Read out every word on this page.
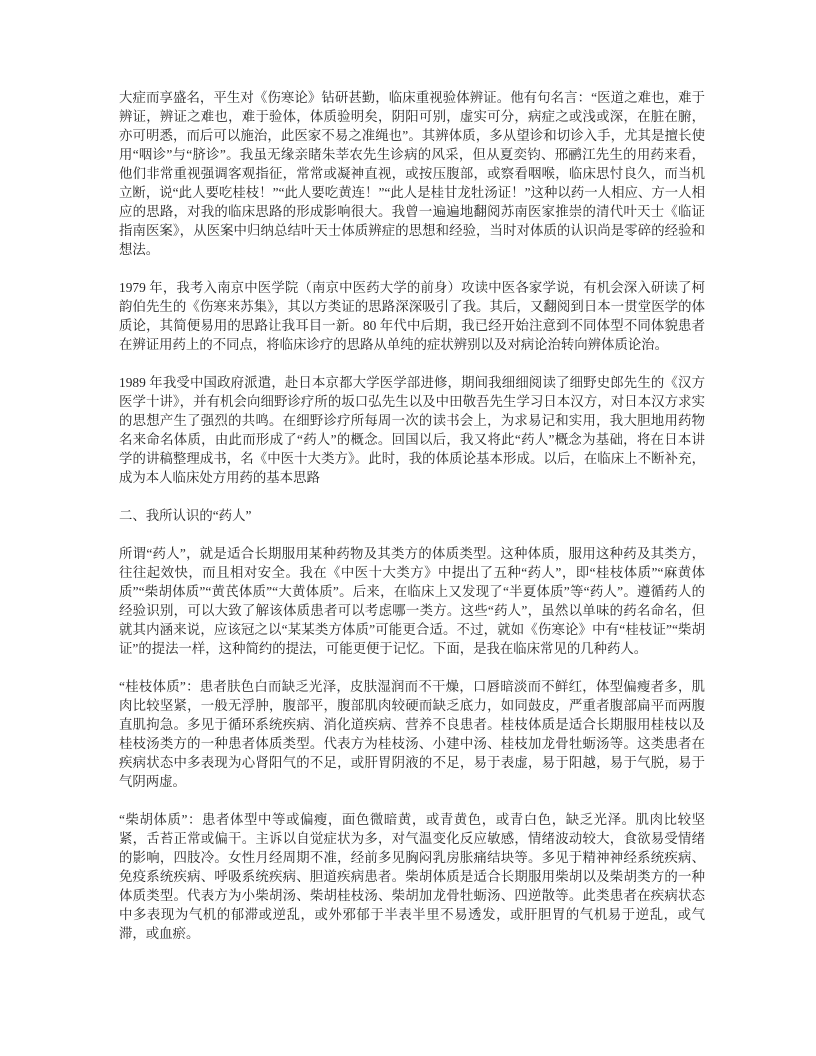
大症而享盛名，平生对《伤寒论》钻研甚勤，临床重视验体辨证。他有句名言：“医道之难也，难于辨证，辨证之难也，难于验体，体质验明矣，阴阳可别，虚实可分，病症之或浅或深，在脏在腑，亦可明悉，而后可以施治，此医家不易之准绳也”。其辨体质，多从望诊和切诊入手，尤其是擅长使用“咽诊”与“脐诊”。我虽无缘亲睹朱莘农先生诊病的风采，但从夏奕钧、邢鹂江先生的用药来看，他们非常重视强调客观指征，常常或凝神直视，或按压腹部，或察看咽喉，临床思忖良久，而当机立断，说“此人要吃桂枝！”“此人要吃黄连！”“此人是桂甘龙牡汤证！”这种以药一人相应、方一人相应的思路，对我的临床思路的形成影响很大。我曾一遍遍地翻阅苏南医家推崇的清代叶天士《临证指南医案》，从医案中归纳总结叶天士体质辨症的思想和经验，当时对体质的认识尚是零碎的经验和想法。

1979 年，我考入南京中医学院（南京中医药大学的前身）攻读中医各家学说，有机会深入研读了柯韵伯先生的《伤寒来苏集》，其以方类证的思路深深吸引了我。其后，又翻阅到日本一贯堂医学的体质论，其简便易用的思路让我耳目一新。80 年代中后期，我已经开始注意到不同体型不同体貌患者在辨证用药上的不同点，将临床诊疗的思路从单纯的症状辨别以及对病论治转向辨体质论治。

1989 年我受中国政府派遣，赴日本京都大学医学部进修，期间我细细阅读了细野史郎先生的《汉方医学十讲》，并有机会向细野诊疗所的坂口弘先生以及中田敬吾先生学习日本汉方，对日本汉方求实的思想产生了强烈的共鸣。在细野诊疗所每周一次的读书会上，为求易记和实用，我大胆地用药物名来命名体质，由此而形成了“药人”的概念。回国以后，我又将此“药人”概念为基础，将在日本讲学的讲稿整理成书，名《中医十大类方》。此时，我的体质论基本形成。以后，在临床上不断补充，成为本人临床处方用药的基本思路

二、我所认识的“药人”

所谓“药人”，就是适合长期服用某种药物及其类方的体质类型。这种体质，服用这种药及其类方，往往起效快，而且相对安全。我在《中医十大类方》中提出了五种“药人”，即“桂枝体质”“麻黄体质”“柴胡体质”“黄芪体质”“大黄体质”。后来，在临床上又发现了“半夏体质”等“药人”。遵循药人的经验识别，可以大致了解该体质患者可以考虑哪一类方。这些“药人”，虽然以单味的药名命名，但就其内涵来说，应该冠之以“某某类方体质”可能更合适。不过，就如《伤寒论》中有“桂枝证”“柴胡证”的提法一样，这种简约的提法，可能更便于记忆。下面，是我在临床常见的几种药人。

“桂枝体质”：患者肤色白而缺乏光泽，皮肤湿润而不干燥，口唇暗淡而不鲜红，体型偏瘦者多，肌肉比较坚紧，一般无浮肿，腹部平，腹部肌肉较硬而缺乏底力，如同鼓皮，严重者腹部扁平而两腹直肌拘急。多见于循环系统疾病、消化道疾病、营养不良患者。桂枝体质是适合长期服用桂枝以及桂枝汤类方的一种患者体质类型。代表方为桂枝汤、小建中汤、桂枝加龙骨牡蛎汤等。这类患者在疾病状态中多表现为心肾阳气的不足，或肝胃阴液的不足，易于表虚，易于阳越，易于气脱，易于气阴两虚。

“柴胡体质”：患者体型中等或偏瘦，面色微暗黄，或青黄色，或青白色，缺乏光泽。肌肉比较坚紧，舌苔正常或偏干。主诉以自觉症状为多，对气温变化反应敏感，情绪波动较大，食欲易受情绪的影响，四肢冷。女性月经周期不准，经前多见胸闷乳房胀痛结块等。多见于精神神经系统疾病、免疫系统疾病、呼吸系统疾病、胆道疾病患者。柴胡体质是适合长期服用柴胡以及柴胡类方的一种体质类型。代表方为小柴胡汤、柴胡桂枝汤、柴胡加龙骨牡蛎汤、四逆散等。此类患者在疾病状态中多表现为气机的郁滞或逆乱，或外邪郁于半表半里不易透发，或肝胆胃的气机易于逆乱，或气滞，或血瘀。
